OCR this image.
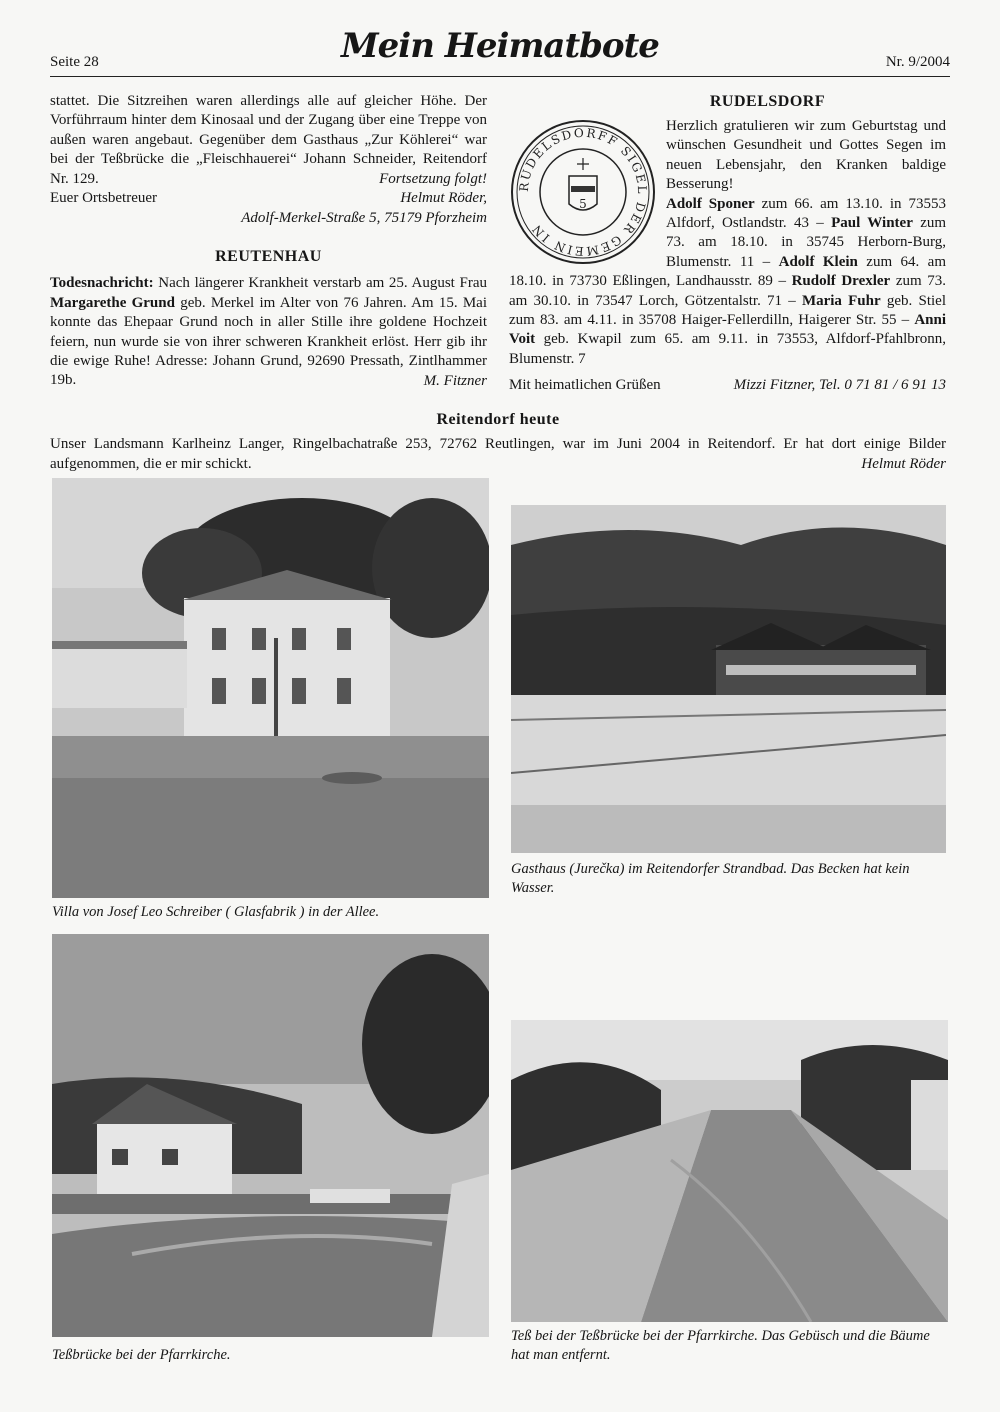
Seite 28	Mein Heimatbote	Nr. 9/2004

stattet. Die Sitzreihen waren allerdings alle auf gleicher Höhe. Der Vorführraum hinter dem Kinosaal und der Zugang über eine Treppe von außen waren angebaut. Gegenüber dem Gasthaus „Zur Köhlerei“ war bei der Teßbrücke die „Fleischhauerei“ Johann Schneider, Reitendorf Nr. 129.	Fortsetzung folgt!

Euer Ortsbetreuer	Helmut Röder,

Adolf-Merkel-Straße 5, 75179 Pforzheim

REUTENHAU

Todesnachricht: Nach längerer Krankheit verstarb am 25. August Frau Margarethe Grund geb. Merkel im Alter von 76 Jahren. Am 15. Mai konnte das Ehepaar Grund noch in aller Stille ihre goldene Hochzeit feiern, nun wurde sie von ihrer schweren Krankheit erlöst. Herr gib ihr die ewige Ruhe! Adresse: Johann Grund, 92690 Pressath, Zintlhammer 19b.	M. Fitzner

RUDELSDORF
RUDELSDORFF SIGEL DER GEMEIN IN
5

Herzlich gratulieren wir zum Geburtstag und wünschen Gesundheit und Gottes Segen im neuen Lebensjahr, den Kranken baldige Besserung!

Adolf Sponer zum 66. am 13.10. in 73553 Alfdorf, Ostlandstr. 43 – Paul Winter zum 73. am 18.10. in 35745 Herborn-Burg, Blumenstr. 11 – Adolf Klein zum 64. am 18.10. in 73730 Eßlingen, Landhausstr. 89 – Rudolf Drexler zum 73. am 30.10. in 73547 Lorch, Götzentalstr. 71 – Maria Fuhr geb. Stiel zum 83. am 4.11. in 35708 Haiger-Fellerdilln, Haigerer Str. 55 – Anni Voit geb. Kwapil zum 65. am 9.11. in 73553, Alfdorf-Pfahlbronn, Blumenstr. 7

Mit heimatlichen Grüßen	Mizzi Fitzner, Tel. 0 71 81 / 6 91 13
Reitendorf heute

Unser Landsmann Karlheinz Langer, Ringelbachatraße 253, 72762 Reutlingen, war im Juni 2004 in Reitendorf. Er hat dort einige Bilder aufgenommen, die er mir schickt.	Helmut Röder

Villa von Josef Leo Schreiber ( Glasfabrik ) in der Allee.
Gasthaus (Jurečka) im Reitendorfer Strandbad. Das Becken hat kein Wasser.
Teßbrücke bei der Pfarrkirche.
Teß bei der Teßbrücke bei der Pfarrkirche. Das Gebüsch und die Bäume hat man entfernt.
